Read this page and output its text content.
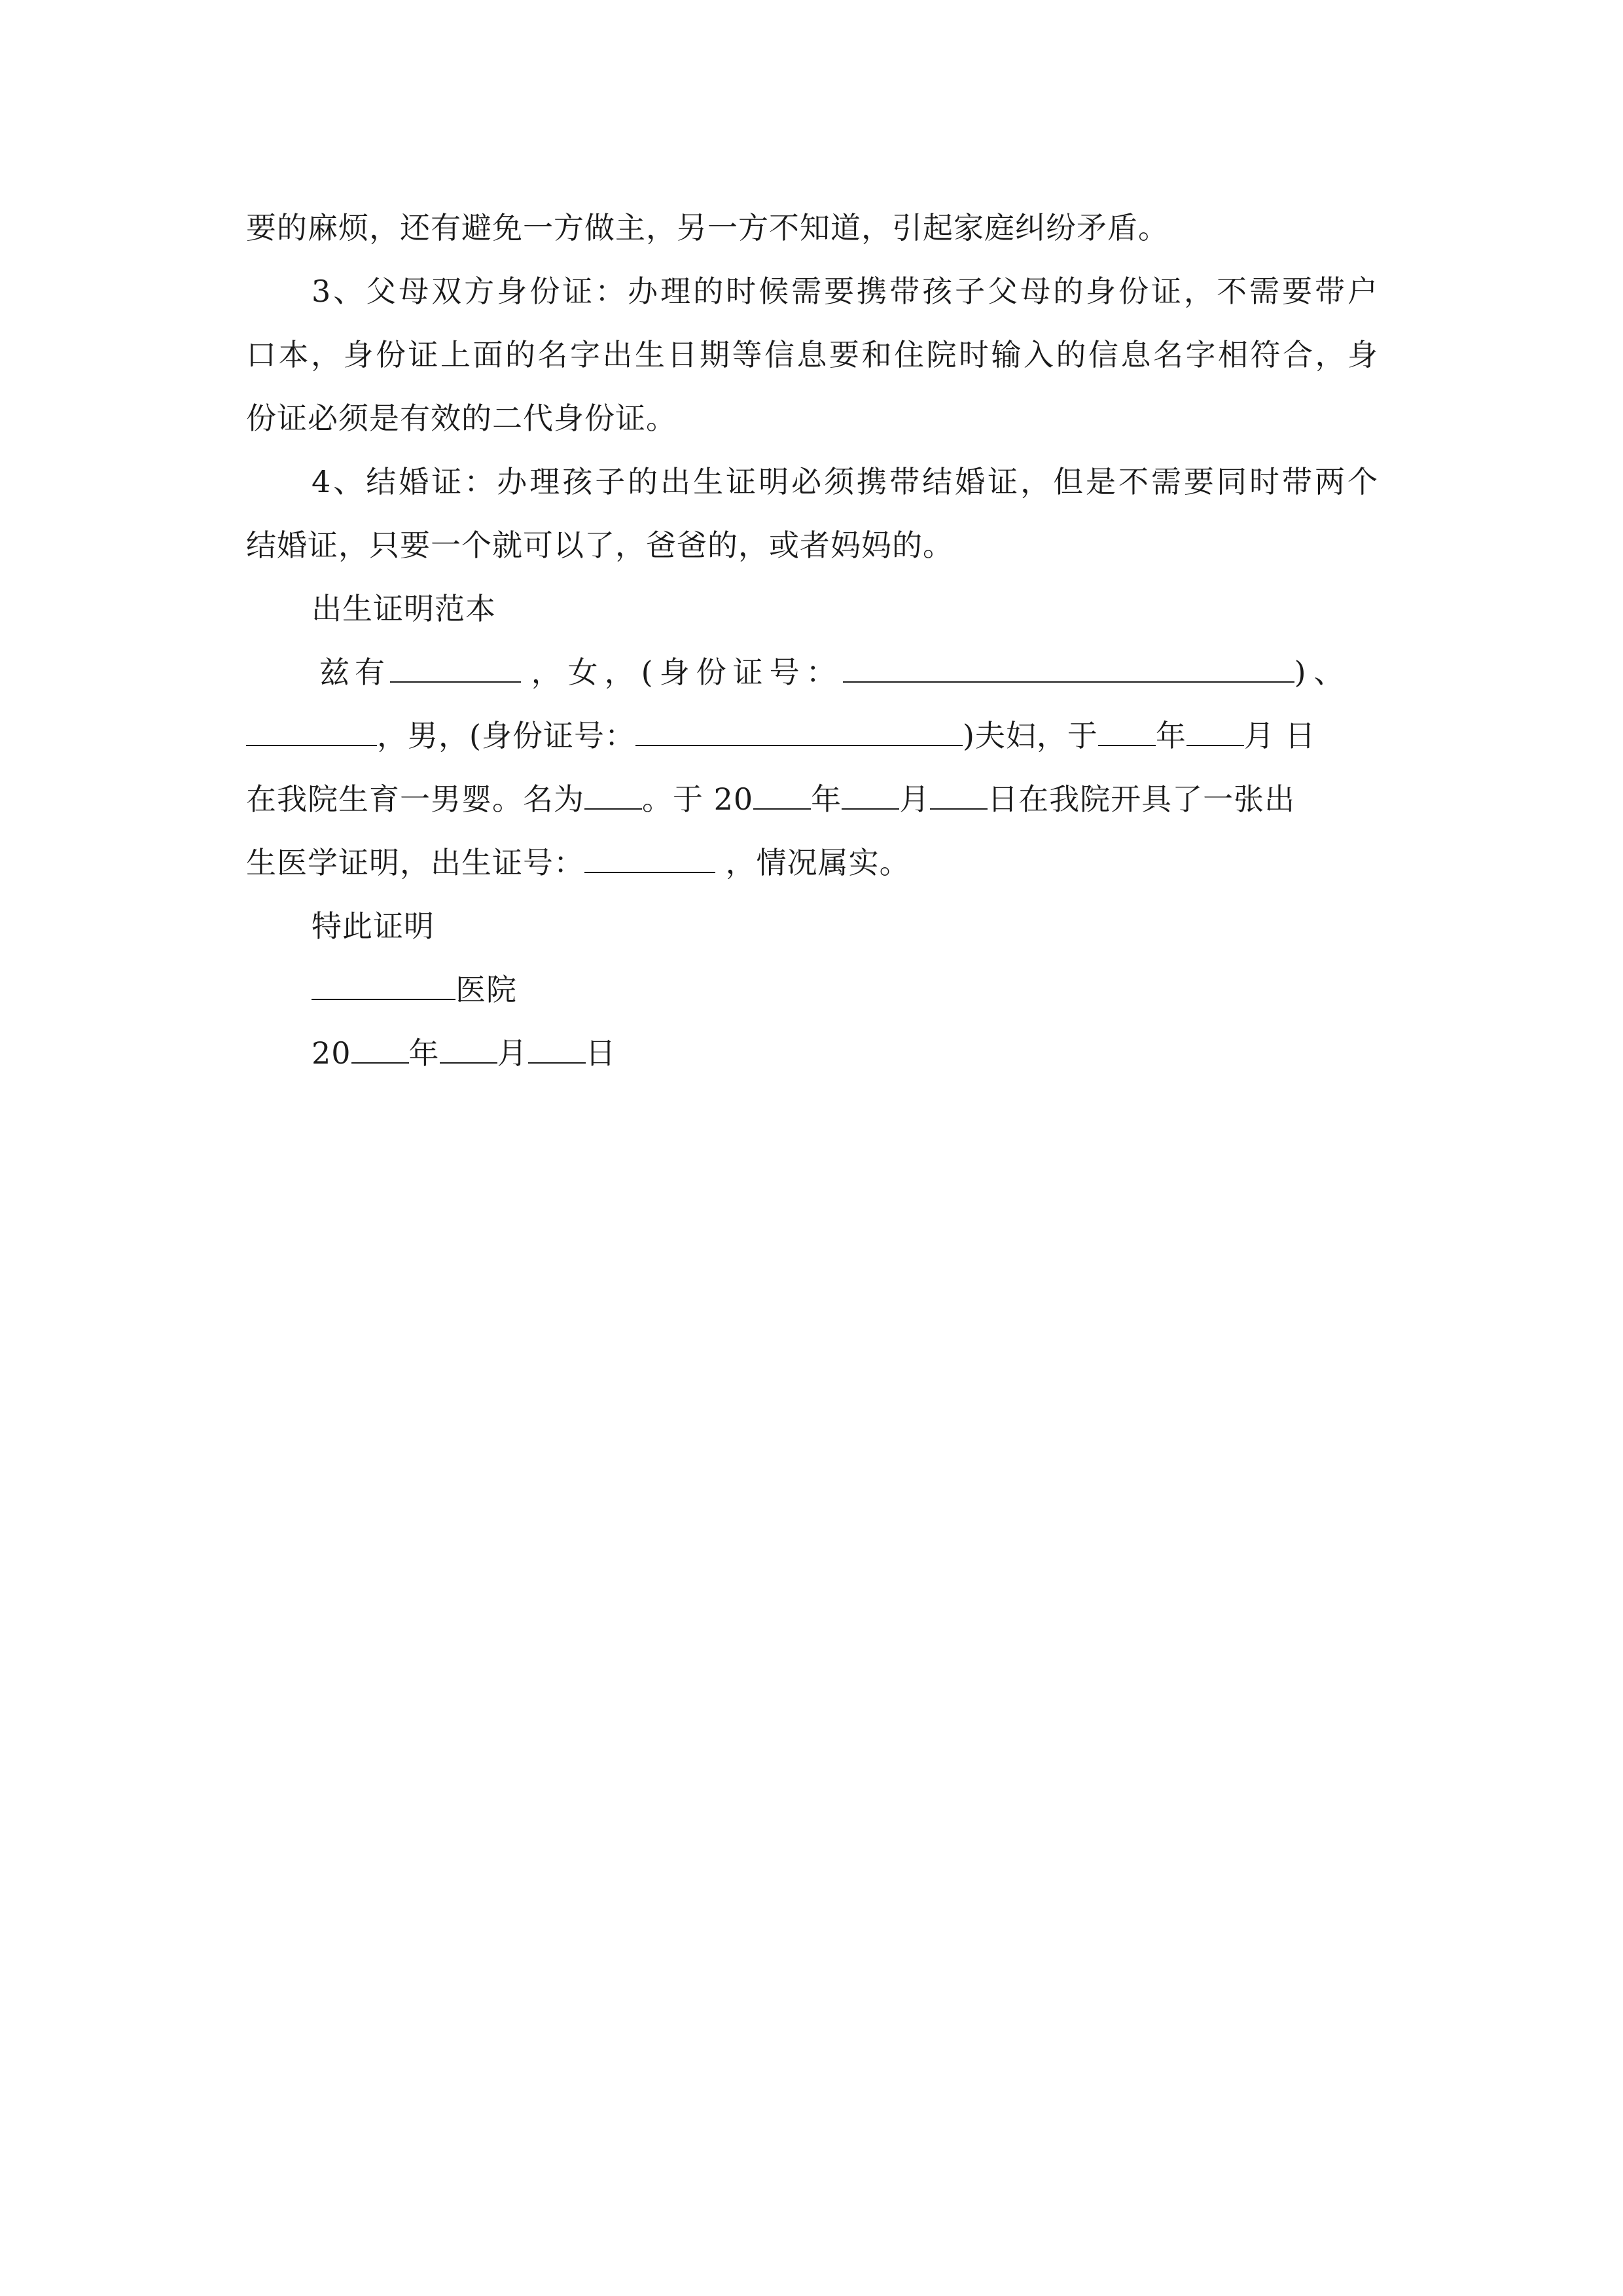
要的麻烦，还有避免一方做主，另一方不知道，引起家庭纠纷矛盾。
3、父母双方身份证：办理的时候需要携带孩子父母的身份证，不需要带户
口本，身份证上面的名字出生日期等信息要和住院时输入的信息名字相符合，身
份证必须是有效的二代身份证。
4、结婚证：办理孩子的出生证明必须携带结婚证，但是不需要同时带两个
结婚证，只要一个就可以了，爸爸的，或者妈妈的。
出生证明范本
兹有	，女，(身份证号：	)、
，男，(身份证号：	)夫妇，于 年 月 日
在我院生育一男婴。名为 。于 20 年 月 日在我院开具了一张出
生医学证明，出生证号：	，情况属实。
特此证明
医院
20 年 月 日
